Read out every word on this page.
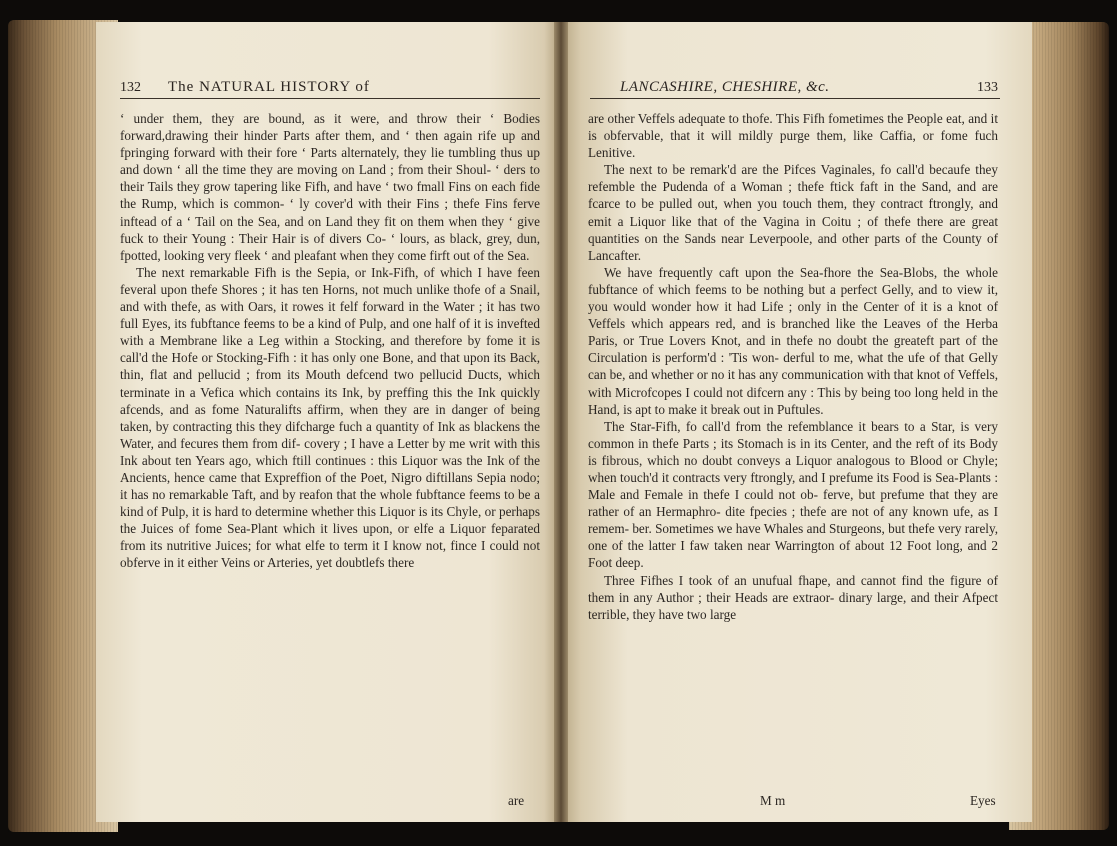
132 The NATURAL HISTORY of	LANCASHIRE, CHESHIRE, &c.	133

‘ under them, they are bound, as it were, and throw their ‘ Bodies forward,drawing their hinder Parts after them, and ‘ then again rife up and fpringing forward with their fore ‘ Parts alternately, they lie tumbling thus up and down ‘ all the time they are moving on Land ; from their Shoul- ‘ ders to their Tails they grow tapering like Fifh, and have ‘ two fmall Fins on each fide the Rump, which is common- ‘ ly cover'd with their Fins ; thefe Fins ferve inftead of a ‘ Tail on the Sea, and on Land they fit on them when they ‘ give fuck to their Young : Their Hair is of divers Co- ‘ lours, as black, grey, dun, fpotted, looking very fleek ‘ and pleafant when they come firft out of the Sea.

The next remarkable Fifh is the Sepia, or Ink-Fifh, of which I have feen feveral upon thefe Shores ; it has ten Horns, not much unlike thofe of a Snail, and with thefe, as with Oars, it rowes it felf forward in the Water ; it has two full Eyes, its fubftance feems to be a kind of Pulp, and one half of it is invefted with a Membrane like a Leg within a Stocking, and therefore by fome it is call'd the Hofe or Stocking-Fifh : it has only one Bone, and that upon its Back, thin, flat and pellucid ; from its Mouth defcend two pellucid Ducts, which terminate in a Vefica which contains its Ink, by preffing this the Ink quickly afcends, and as fome Naturalifts affirm, when they are in danger of being taken, by contracting this they difcharge fuch a quantity of Ink as blackens the Water, and fecures them from dif- covery ; I have a Letter by me writ with this Ink about ten Years ago, which ftill continues : this Liquor was the Ink of the Ancients, hence came that Expreffion of the Poet, Nigro diftillans Sepia nodo; it has no remarkable Taft, and by reafon that the whole fubftance feems to be a kind of Pulp, it is hard to determine whether this Liquor is its Chyle, or perhaps the Juices of fome Sea-Plant which it lives upon, or elfe a Liquor feparated from its nutritive Juices; for what elfe to term it I know not, fince I could not obferve in it either Veins or Arteries, yet doubtlefs there

are

are other Veffels adequate to thofe. This Fifh fometimes the People eat, and it is obfervable, that it will mildly purge them, like Caffia, or fome fuch Lenitive.

The next to be remark'd are the Pifces Vaginales, fo call'd becaufe they refemble the Pudenda of a Woman ; thefe ftick faft in the Sand, and are fcarce to be pulled out, when you touch them, they contract ftrongly, and emit a Liquor like that of the Vagina in Coitu ; of thefe there are great quantities on the Sands near Leverpoole, and other parts of the County of Lancafter.

We have frequently caft upon the Sea-fhore the Sea-Blobs, the whole fubftance of which feems to be nothing but a perfect Gelly, and to view it, you would wonder how it had Life ; only in the Center of it is a knot of Veffels which appears red, and is branched like the Leaves of the Herba Paris, or True Lovers Knot, and in thefe no doubt the greateft part of the Circulation is perform'd : 'Tis won- derful to me, what the ufe of that Gelly can be, and whether or no it has any communication with that knot of Veffels, with Microfcopes I could not difcern any : This by being too long held in the Hand, is apt to make it break out in Puftules.

The Star-Fifh, fo call'd from the refemblance it bears to a Star, is very common in thefe Parts ; its Stomach is in its Center, and the reft of its Body is fibrous, which no doubt conveys a Liquor analogous to Blood or Chyle; when touch'd it contracts very ftrongly, and I prefume its Food is Sea-Plants : Male and Female in thefe I could not ob- ferve, but prefume that they are rather of an Hermaphro- dite fpecies ; thefe are not of any known ufe, as I remem- ber. Sometimes we have Whales and Sturgeons, but thefe very rarely, one of the latter I faw taken near Warrington of about 12 Foot long, and 2 Foot deep.

Three Fifhes I took of an unufual fhape, and cannot find the figure of them in any Author ; their Heads are extraor- dinary large, and their Afpect terrible, they have two large

M m	Eyes
